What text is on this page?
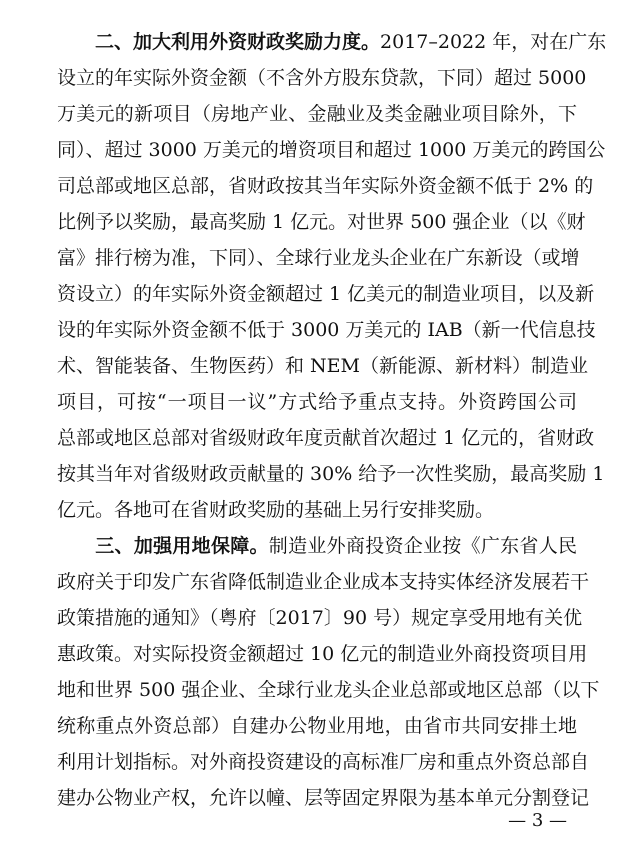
二、加大利用外资财政奖励力度。2017–2022 年，对在广东
设立的年实际外资金额（不含外方股东贷款，下同）超过 5000
万美元的新项目（房地产业、金融业及类金融业项目除外，下
同）、超过 3000 万美元的增资项目和超过 1000 万美元的跨国公
司总部或地区总部，省财政按其当年实际外资金额不低于 2% 的
比例予以奖励，最高奖励 1 亿元。对世界 500 强企业（以《财
富》排行榜为准，下同）、全球行业龙头企业在广东新设（或增
资设立）的年实际外资金额超过 1 亿美元的制造业项目，以及新
设的年实际外资金额不低于 3000 万美元的 IAB（新一代信息技
术、智能装备、生物医药）和 NEM（新能源、新材料）制造业
项目，可按“一项目一议”方式给予重点支持。外资跨国公司
总部或地区总部对省级财政年度贡献首次超过 1 亿元的，省财政
按其当年对省级财政贡献量的 30% 给予一次性奖励，最高奖励 1
亿元。各地可在省财政奖励的基础上另行安排奖励。
三、加强用地保障。制造业外商投资企业按《广东省人民
政府关于印发广东省降低制造业企业成本支持实体经济发展若干
政策措施的通知》（粤府〔2017〕90 号）规定享受用地有关优
惠政策。对实际投资金额超过 10 亿元的制造业外商投资项目用
地和世界 500 强企业、全球行业龙头企业总部或地区总部（以下
统称重点外资总部）自建办公物业用地，由省市共同安排土地
利用计划指标。对外商投资建设的高标准厂房和重点外资总部自
建办公物业产权，允许以幢、层等固定界限为基本单元分割登记
— 3 —
